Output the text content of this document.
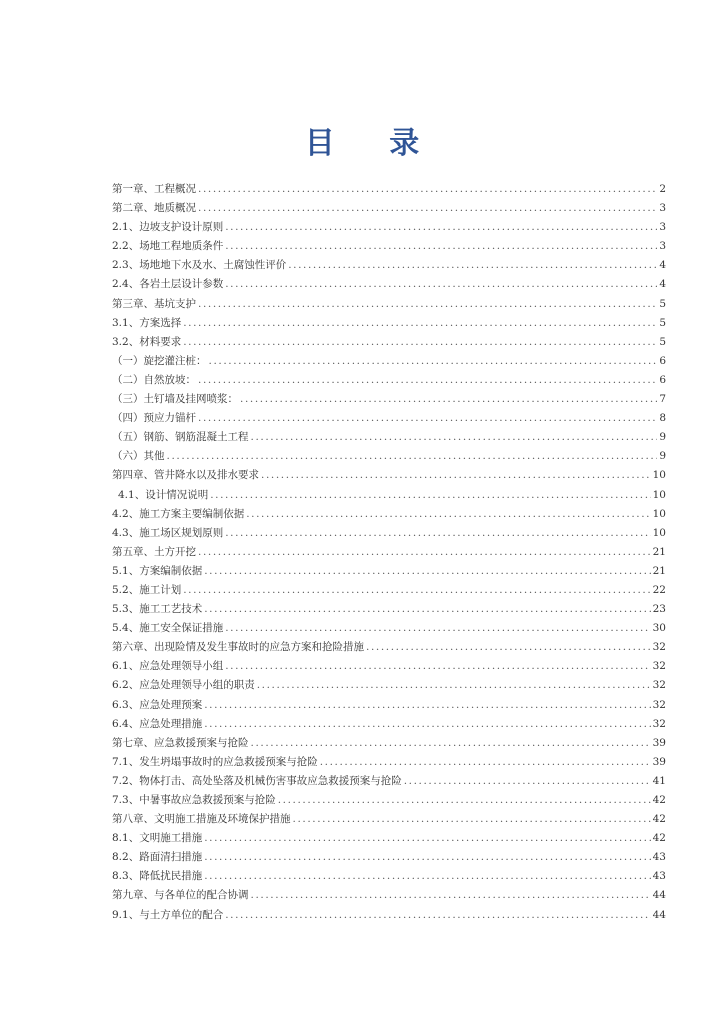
目 录
第一章、工程概况 .....	2
第二章、地质概况 .....	3
2.1、边坡支护设计原则 .....	3
2.2、场地工程地质条件 .....	3
2.3、场地地下水及水、土腐蚀性评价 .....	4
2.4、各岩土层设计参数 .....	4
第三章、基坑支护 .....	5
3.1、方案选择 .....	5
3.2、材料要求 .....	5
（一）旋挖灌注桩： .....	6
（二）自然放坡： .....	6
（三）土钉墙及挂网喷浆： .....	7
（四）预应力锚杆 .....	8
（五）钢筋、钢筋混凝土工程 .....	9
（六）其他 .....	9
第四章、管井降水以及排水要求 .....	10
4.1、设计情况说明 .....	10
4.2、施工方案主要编制依据 .....	10
4.3、施工场区规划原则 .....	10
第五章、土方开挖 .....	21
5.1、方案编制依据 .....	21
5.2、施工计划 .....	22
5.3、施工工艺技术 .....	23
5.4、施工安全保证措施 .....	30
第六章、出现险情及发生事故时的应急方案和抢险措施 .....	32
6.1、应急处理领导小组 .....	32
6.2、应急处理领导小组的职责 .....	32
6.3、应急处理预案 .....	32
6.4、应急处理措施 .....	32
第七章、应急救援预案与抢险 .....	39
7.1、发生坍塌事故时的应急救援预案与抢险 .....	39
7.2、物体打击、高处坠落及机械伤害事故应急救援预案与抢险 .....	41
7.3、中暑事故应急救援预案与抢险 .....	42
第八章、文明施工措施及环境保护措施 .....	42
8.1、文明施工措施 .....	42
8.2、路面清扫措施 .....	43
8.3、降低扰民措施 .....	43
第九章、与各单位的配合协调 .....	44
9.1、与土方单位的配合 .....	44
